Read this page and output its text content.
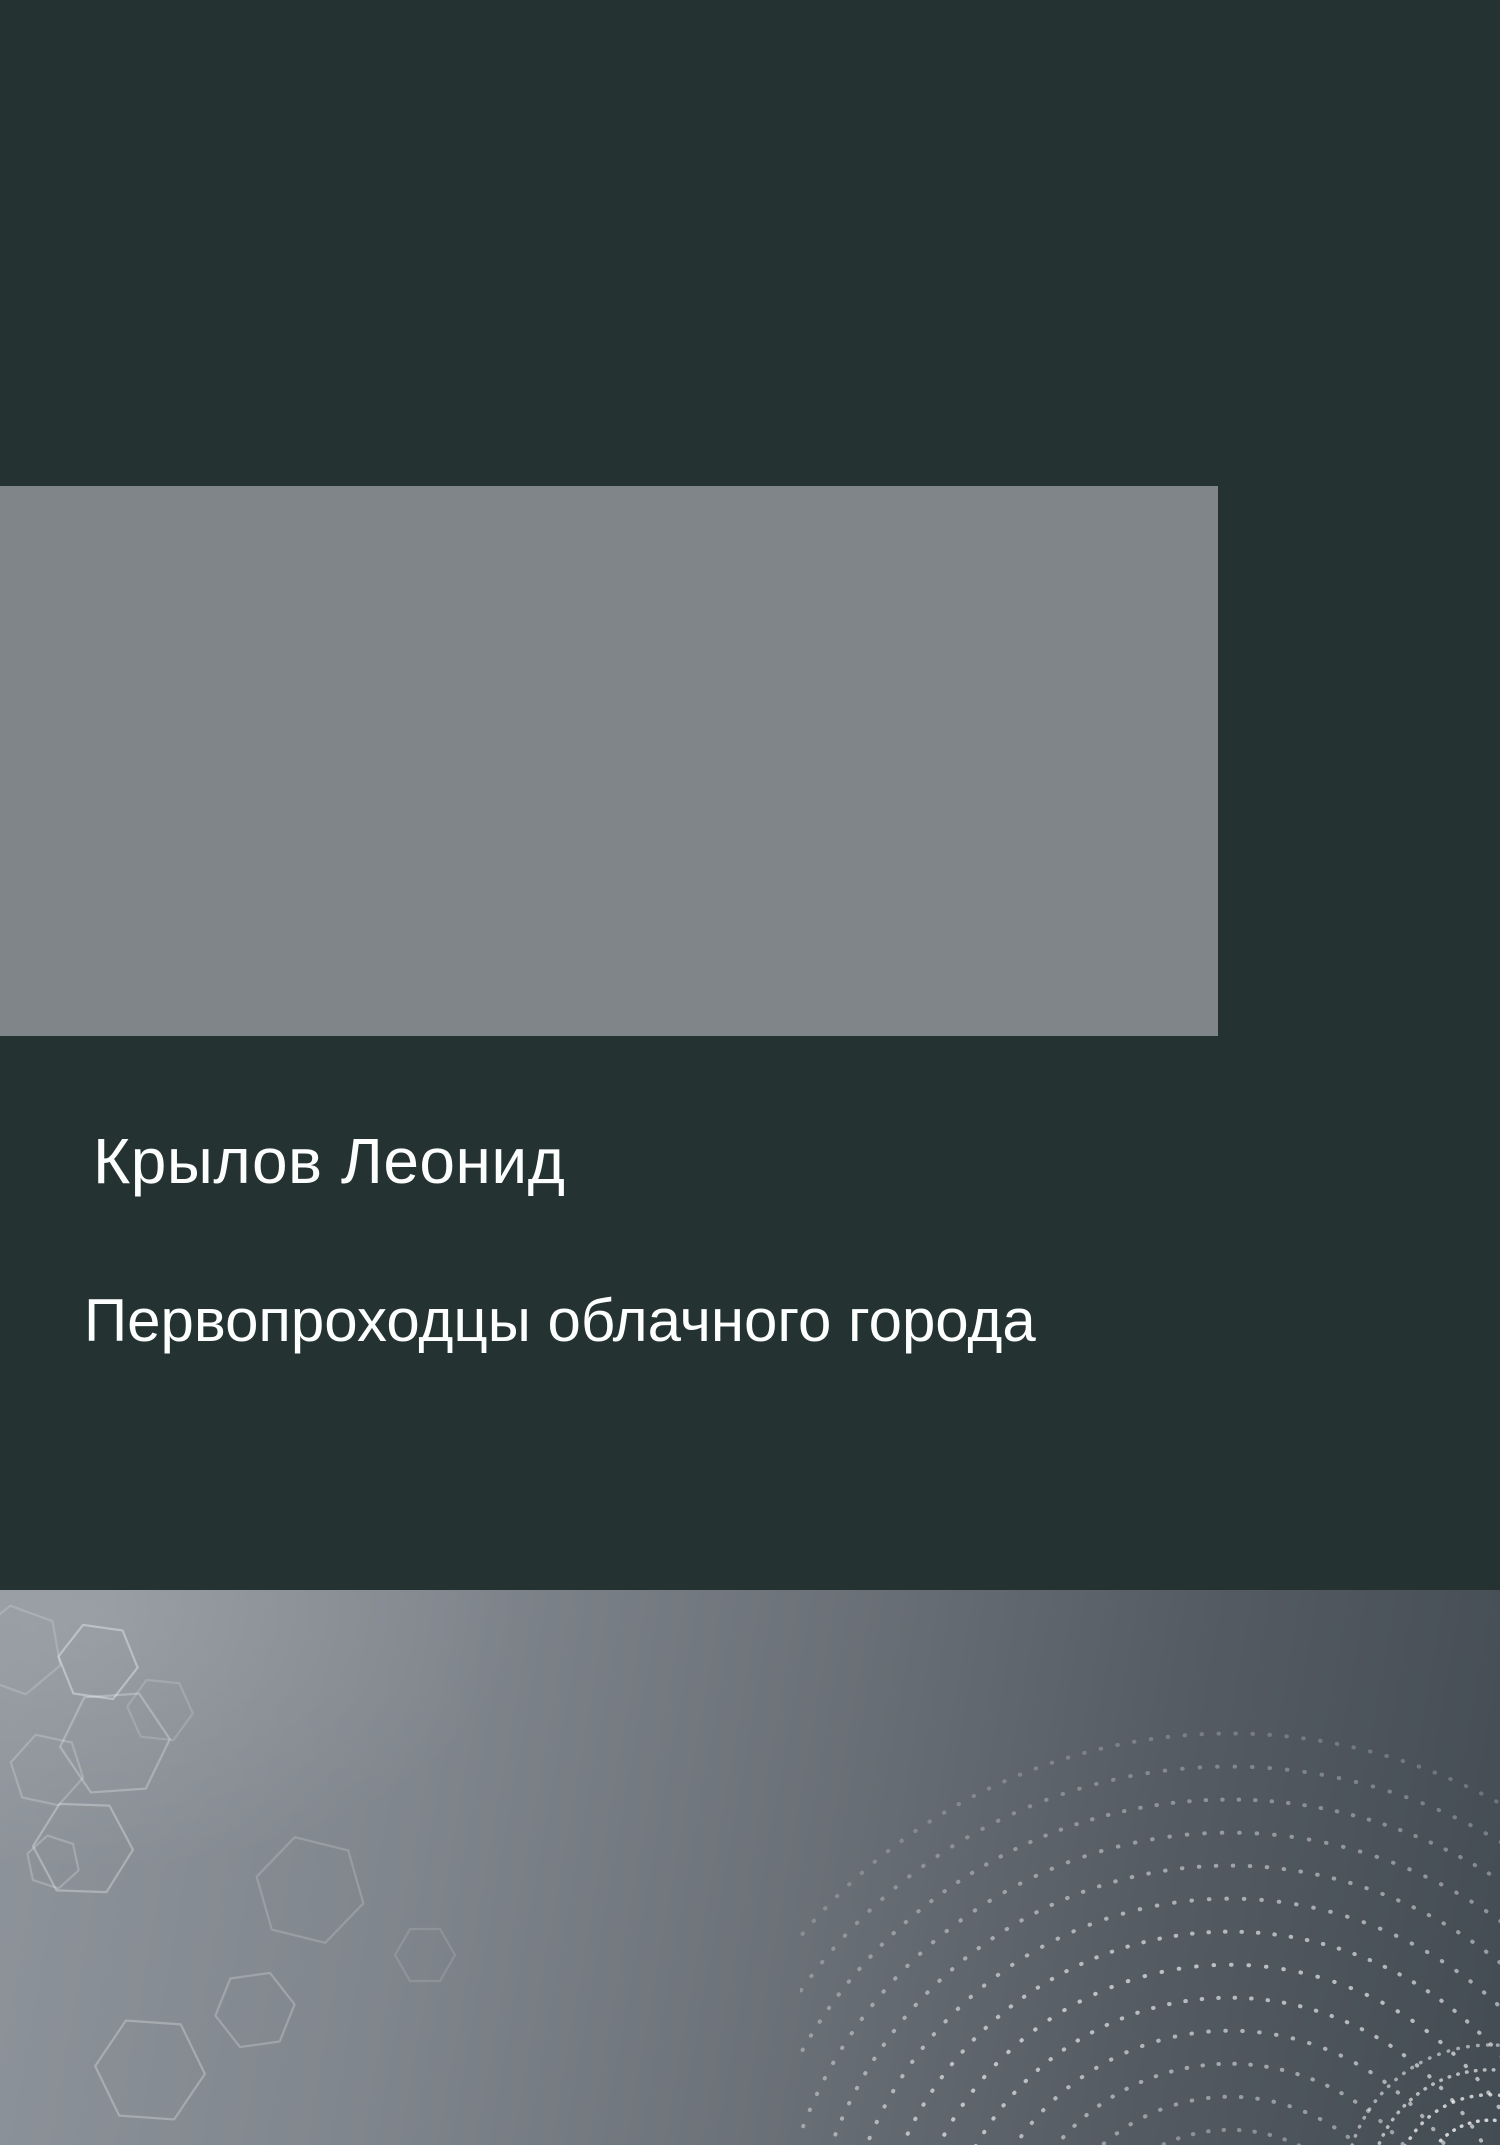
Крылов Леонид
Первопроходцы облачного города
